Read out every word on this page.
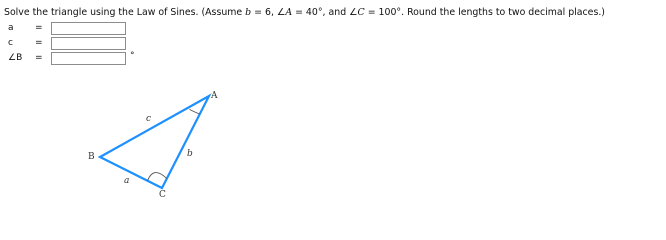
Solve the triangle using the Law of Sines. (Assume b = 6, ∠A = 40°, and ∠C = 100°. Round the lengths to two decimal places.)
a	=
c	=
∠B =	°
A
B
C
c
b
a
